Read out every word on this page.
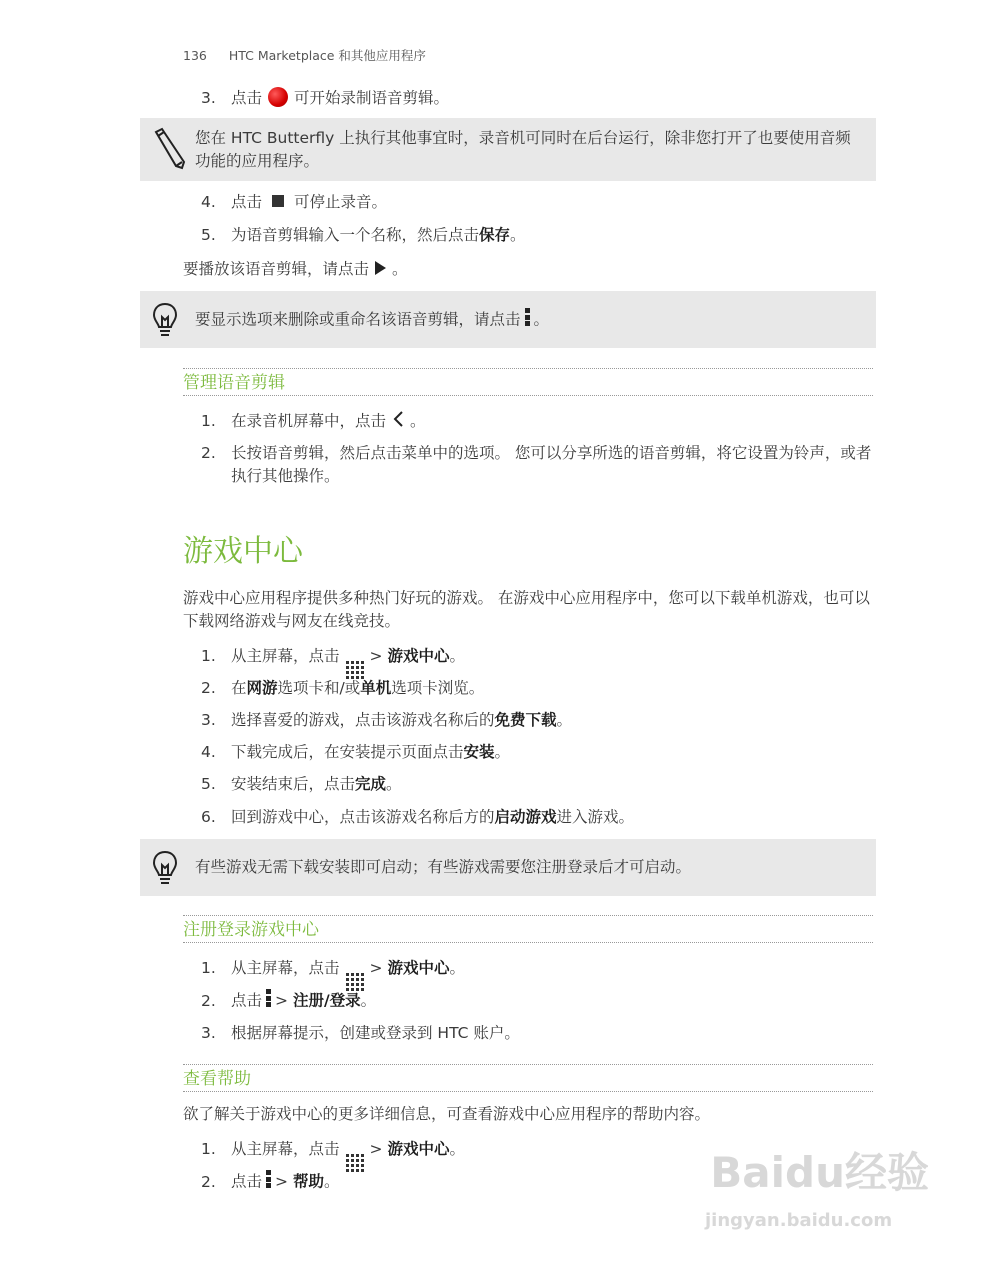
136 HTC Marketplace 和其他应用程序
3. 点击 可开始录制语音剪辑。
您在 HTC Butterfly 上执行其他事宜时，录音机可同时在后台运行，除非您打开了也要使用音频功能的应用程序。
4. 点击 可停止录音。
5. 为语音剪辑输入一个名称，然后点击保存。
要播放该语音剪辑，请点击 。
要显示选项来删除或重命名该语音剪辑，请点击 。
管理语音剪辑
1. 在录音机屏幕中，点击 。
2. 长按语音剪辑，然后点击菜单中的选项。 您可以分享所选的语音剪辑，将它设置为铃声，或者执行其他操作。
游戏中心
游戏中心应用程序提供多种热门好玩的游戏。 在游戏中心应用程序中，您可以下载单机游戏，也可以下载网络游戏与网友在线竞技。
1. 从主屏幕，点击 > 游戏中心。
2. 在网游选项卡和/或单机选项卡浏览。
3. 选择喜爱的游戏，点击该游戏名称后的免费下载。
4. 下载完成后，在安装提示页面点击安装。
5. 安装结束后，点击完成。
6. 回到游戏中心，点击该游戏名称后方的启动游戏进入游戏。
有些游戏无需下载安装即可启动；有些游戏需要您注册登录后才可启动。
注册登录游戏中心
1. 从主屏幕，点击 > 游戏中心。
2. 点击 > 注册/登录。
3. 根据屏幕提示，创建或登录到 HTC 账户。
查看帮助
欲了解关于游戏中心的更多详细信息，可查看游戏中心应用程序的帮助内容。
1. 从主屏幕，点击 > 游戏中心。
2. 点击 > 帮助。	Baidu经验
jingyan.baidu.com
